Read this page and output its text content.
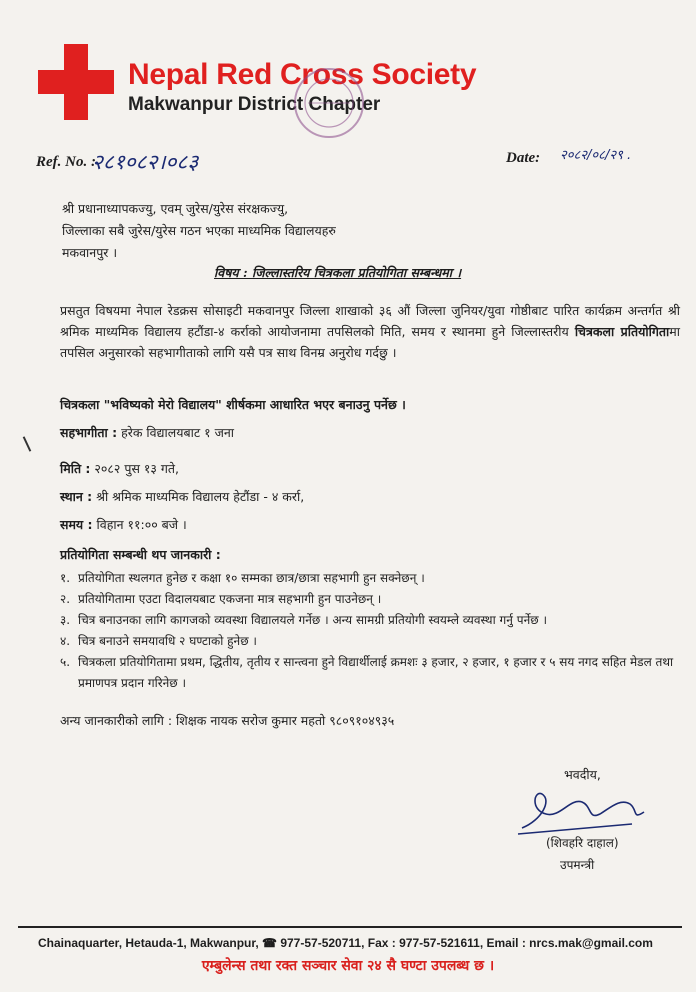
Nepal Red Cross Society
Makwanpur District Chapter
Ref. No. :
२८१०८२।०८३	Date: २०८२/०८/२९ .
श्री प्रधानाध्यापकज्यु, एवम् जुरेस/युरेस संरक्षकज्यु,
जिल्लाका सबै जुरेस/युरेस गठन भएका माध्यमिक विद्यालयहरु
मकवानपुर ।
विषय : जिल्लास्तरिय चित्रकला प्रतियोगिता सम्बन्धमा ।
प्रसतुत विषयमा नेपाल रेडक्रस सोसाइटी मकवानपुर जिल्ला शाखाको ३६ औं जिल्ला जुनियर/युवा गोष्ठीबाट पारित कार्यक्रम अन्तर्गत श्री श्रमिक माध्यमिक विद्यालय हटौंडा-४ कर्राको आयोजनामा तपसिलको मिति, समय र स्थानमा हुने जिल्लास्तरीय चित्रकला प्रतियोगितामा तपसिल अनुसारको सहभागीताको लागि यसै पत्र साथ विनम्र अनुरोध गर्दछु ।
चित्रकला "भविष्यको मेरो विद्यालय" शीर्षकमा आधारित भएर बनाउनु पर्नेछ ।
सहभागीता : हरेक विद्यालयबाट १ जना
मिति : २०८२ पुस १३ गते,
स्थान : श्री श्रमिक माध्यमिक विद्यालय हेटौंडा - ४ कर्रा,
समय : विहान ११:०० बजे ।
प्रतियोगिता सम्बन्धी थप जानकारी :
१. प्रतियोगिता स्थलगत हुनेछ र कक्षा १० सम्मका छात्र/छात्रा सहभागी हुन सक्नेछन् ।
२. प्रतियोगितामा एउटा विदालयबाट एकजना मात्र सहभागी हुन पाउनेछन् ।
३. चित्र बनाउनका लागि कागजको व्यवस्था विद्यालयले गर्नेछ । अन्य सामग्री प्रतियोगी स्वयम्ले व्यवस्था गर्नु पर्नेछ ।
४. चित्र बनाउने समयावधि २ घण्टाको हुनेछ ।
५. चित्रकला प्रतियोगितामा प्रथम, द्धितीय, तृतीय र सान्त्वना हुने विद्यार्थीलाई क्रमशः ३ हजार, २ हजार, १ हजार र ५ सय नगद सहित मेडल तथा प्रमाणपत्र प्रदान गरिनेछ ।
अन्य जानकारीको लागि : शिक्षक नायक सरोज कुमार महतो ९८०९१०४९३५
भवदीय,
(शिवहरि दाहाल)
उपमन्त्री
Chainaquarter, Hetauda-1, Makwanpur, ☎ 977-57-520711, Fax : 977-57-521611, Email : nrcs.mak@gmail.com
एम्बुलेन्स तथा रक्त सञ्चार सेवा २४ सै घण्टा उपलब्ध छ ।
